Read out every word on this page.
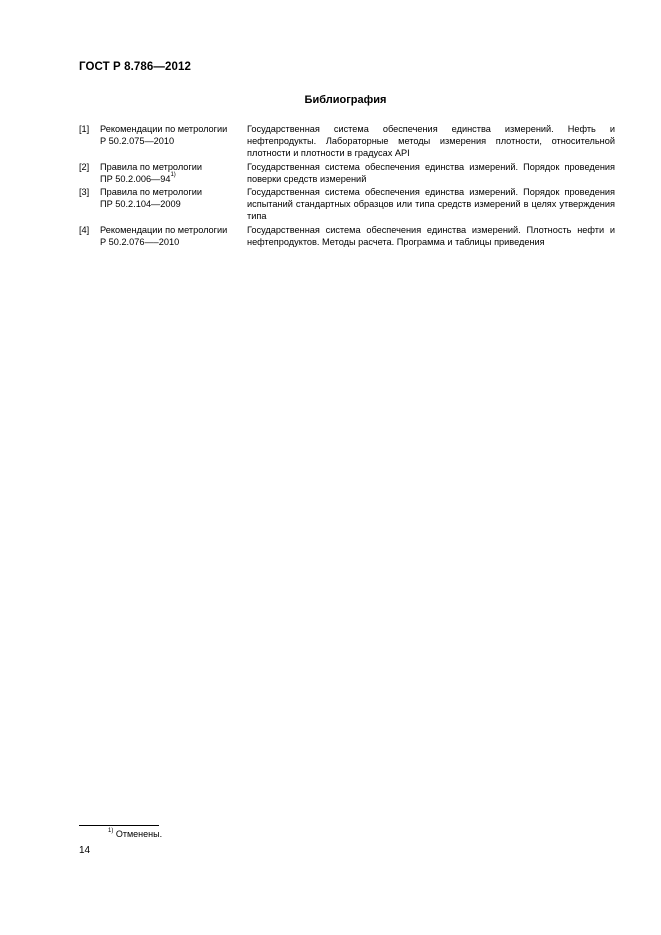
ГОСТ Р 8.786—2012
Библиография
[1]	Рекомендации по метрологии
Р 50.2.075—2010
Государственная система обеспечения единства измерений. Нефть и нефтепродукты. Лабораторные методы измерения плотности, относительной плотности и плотности в градусах API
[2]	Правила по метрологии
ПР 50.2.006—94$^{1)}$
Государственная система обеспечения единства измерений. Порядок проведения поверки средств измерений
[3]	Правила по метрологии
ПР 50.2.104—2009
Государственная система обеспечения единства измерений. Порядок проведения испытаний стандартных образцов или типа средств измерений в целях утверждения типа
[4]	Рекомендации по метрологии
Р 50.2.076—–2010
Государственная система обеспечения единства измерений. Плотность нефти и нефтепродуктов. Методы расчета. Программа и таблицы приведения
$^{1)}$ Отменены.
14
